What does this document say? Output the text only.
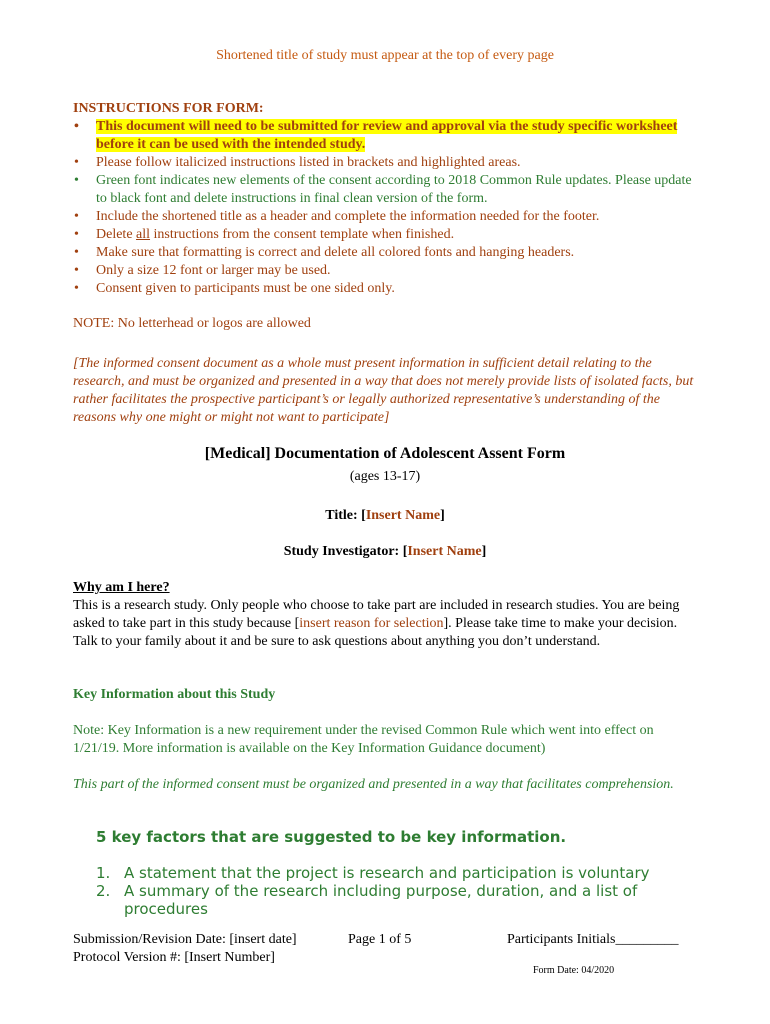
Shortened title of study must appear at the top of every page
INSTRUCTIONS FOR FORM:
• This document will need to be submitted for review and approval via the study specific worksheet before it can be used with the intended study.
• Please follow italicized instructions listed in brackets and highlighted areas.
• Green font indicates new elements of the consent according to 2018 Common Rule updates. Please update to black font and delete instructions in final clean version of the form.
• Include the shortened title as a header and complete the information needed for the footer.
• Delete all instructions from the consent template when finished.
• Make sure that formatting is correct and delete all colored fonts and hanging headers.
• Only a size 12 font or larger may be used.
• Consent given to participants must be one sided only.
NOTE: No letterhead or logos are allowed
[The informed consent document as a whole must present information in sufficient detail relating to the research, and must be organized and presented in a way that does not merely provide lists of isolated facts, but rather facilitates the prospective participant’s or legally authorized representative’s understanding of the reasons why one might or might not want to participate]
[Medical] Documentation of Adolescent Assent Form
(ages 13-17)
Title: [Insert Name]
Study Investigator: [Insert Name]
Why am I here?
This is a research study. Only people who choose to take part are included in research studies. You are being asked to take part in this study because [insert reason for selection]. Please take time to make your decision. Talk to your family about it and be sure to ask questions about anything you don’t understand.
Key Information about this Study
Note: Key Information is a new requirement under the revised Common Rule which went into effect on 1/21/19. More information is available on the Key Information Guidance document)
This part of the informed consent must be organized and presented in a way that facilitates comprehension.
5 key factors that are suggested to be key information.
1. A statement that the project is research and participation is voluntary
2. A summary of the research including purpose, duration, and a list of procedures
Submission/Revision Date: [insert date]
Protocol Version #: [Insert Number]
Page 1 of 5	Participants Initials_________
Form Date: 04/2020
